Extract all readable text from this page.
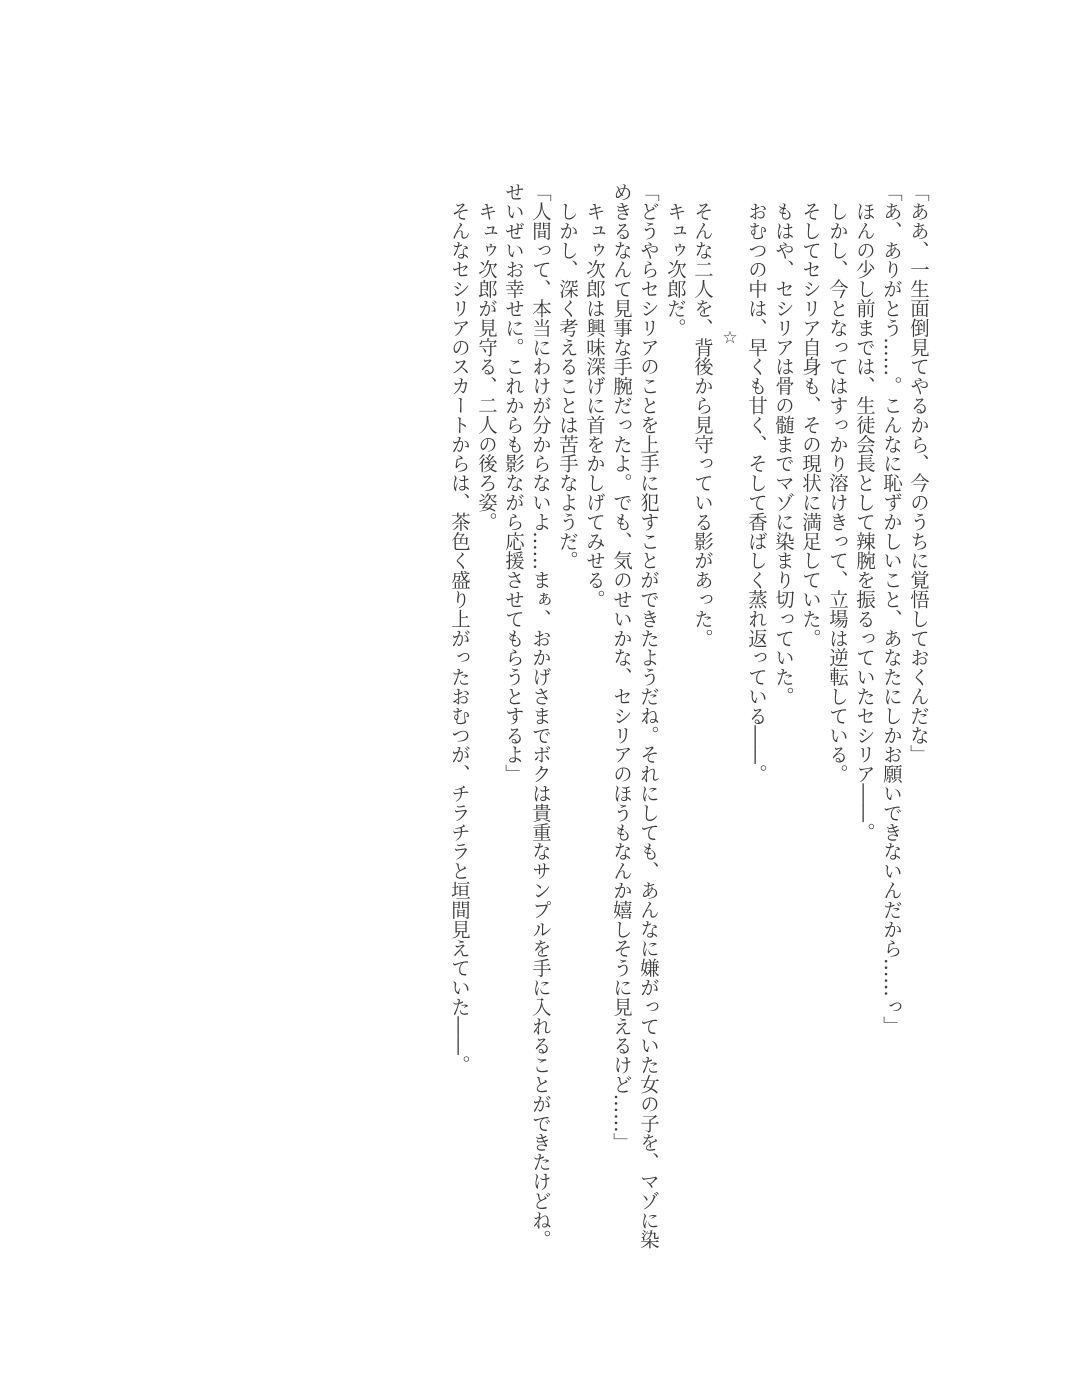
「ああ、一生面倒見てやるから、今のうちに覚悟しておくんだな」

「あ、ありがとう……。こんなに恥ずかしいこと、あなたにしかお願いできないんだから……っ」

　ほんの少し前までは、生徒会長として辣腕を振るっていたセシリア――。

　しかし、今となってはすっかり溶けきって、立場は逆転している。

　そしてセシリア自身も、その現状に満足していた。

　もはや、セシリアは骨の髄までマゾに染まり切っていた。

　おむつの中は、早くも甘く、そして香ばしく蒸れ返っている――。

☆

　そんな二人を、背後から見守っている影があった。

　キュゥ次郎だ。

「どうやらセシリアのことを上手に犯すことができたようだね。それにしても、あんなに嫌がっていた女の子を、マゾに染めきるなんて見事な手腕だったよ。でも、気のせいかな、セシリアのほうもなんか嬉しそうに見えるけど……」

　キュゥ次郎は興味深げに首をかしげてみせる。

　しかし、深く考えることは苦手なようだ。

「人間って、本当にわけが分からないよ……まぁ、おかげさまでボクは貴重なサンプルを手に入れることができたけどね。せいぜいお幸せに。これからも影ながら応援させてもらうとするよ」

　キュゥ次郎が見守る、二人の後ろ姿。

　そんなセシリアのスカートからは、茶色く盛り上がったおむつが、チラチラと垣間見えていた――。
